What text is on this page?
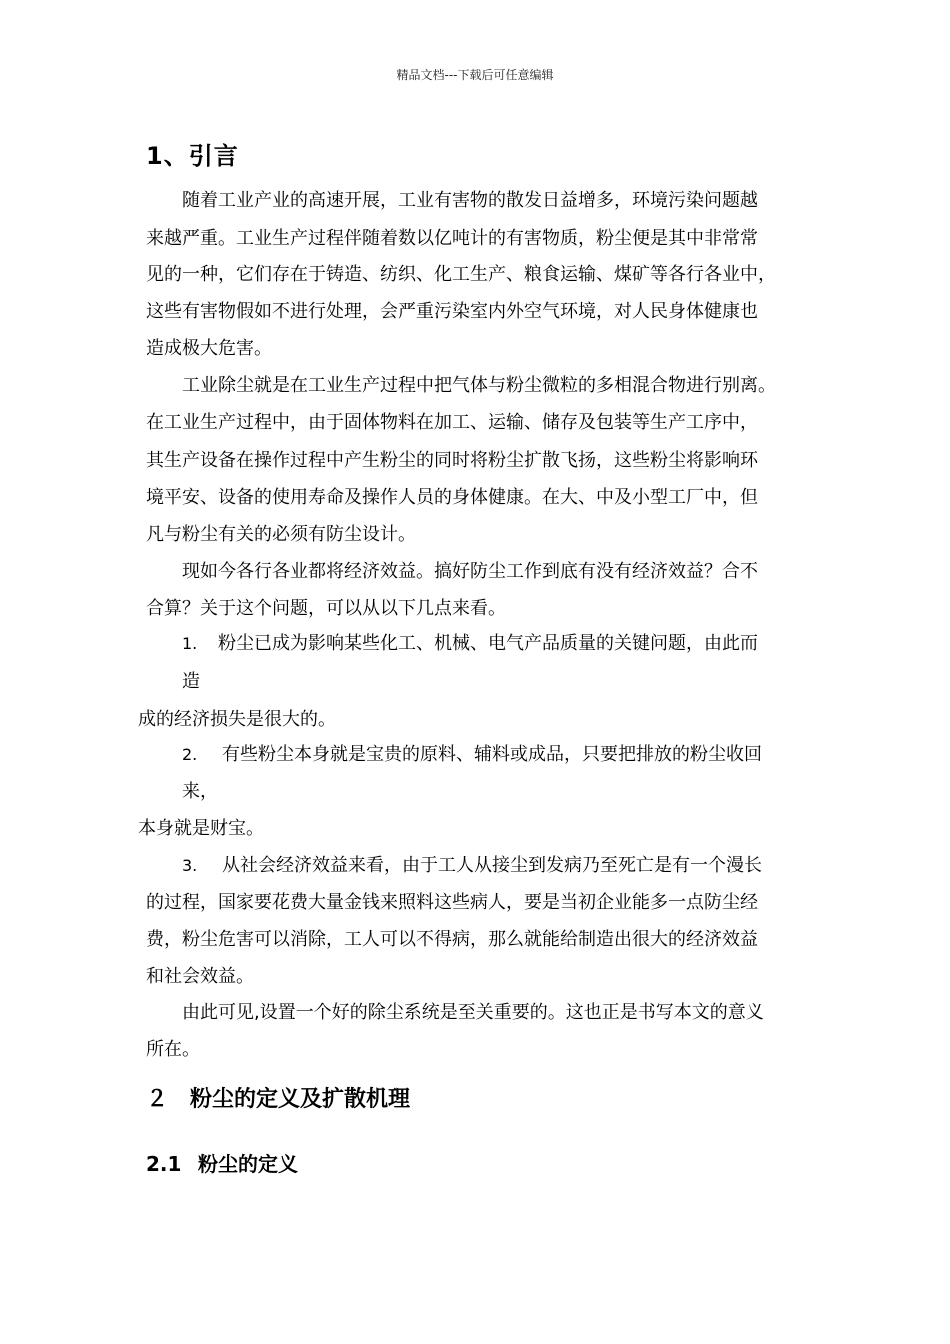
精品文档---下载后可任意编辑
1、引言
随着工业产业的高速开展，工业有害物的散发日益增多，环境污染问题越
来越严重。工业生产过程伴随着数以亿吨计的有害物质，粉尘便是其中非常常
见的一种，它们存在于铸造、纺织、化工生产、粮食运输、煤矿等各行各业中，
这些有害物假如不进行处理，会严重污染室内外空气环境，对人民身体健康也
造成极大危害。
工业除尘就是在工业生产过程中把气体与粉尘微粒的多相混合物进行别离。
在工业生产过程中，由于固体物料在加工、运输、储存及包装等生产工序中，
其生产设备在操作过程中产生粉尘的同时将粉尘扩散飞扬，这些粉尘将影响环
境平安、设备的使用寿命及操作人员的身体健康。在大、中及小型工厂中，但
凡与粉尘有关的必须有防尘设计。
现如今各行各业都将经济效益。搞好防尘工作到底有没有经济效益？合不
合算？关于这个问题，可以从以下几点来看。
1. 粉尘已成为影响某些化工、机械、电气产品质量的关键问题，由此而
造
成的经济损失是很大的。
2. 有些粉尘本身就是宝贵的原料、辅料或成品，只要把排放的粉尘收回
来，
本身就是财宝。
3. 从社会经济效益来看，由于工人从接尘到发病乃至死亡是有一个漫长
的过程，国家要花费大量金钱来照料这些病人，要是当初企业能多一点防尘经
费，粉尘危害可以消除，工人可以不得病，那么就能给制造出很大的经济效益
和社会效益。
由此可见,设置一个好的除尘系统是至关重要的。这也正是书写本文的意义
所在。
２ 粉尘的定义及扩散机理
2.1 粉尘的定义
